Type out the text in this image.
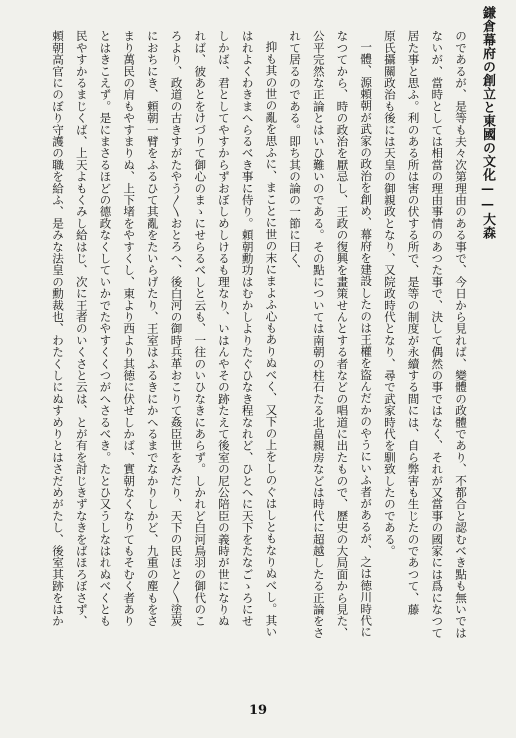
鎌倉幕府の創立と東國の文化——大森
のであるが、是等も夫々次第理由のある事で、今日から見れば、變體の政體であり、不都合と認むべき點も無いでは
ないが、當時としては相當の理由事情のあつた事で、決して偶然の事ではなく、それが又當事の國家には爲になつて
居た事と思ふ。利のある所は害の伏する所で、是等の制度が永續する間には、自ら弊害も生じたのであつて、藤
原氏攝關政治も後には天皇の御親政となり、又院政時代となり、尋で武家時代を馴致したのである。
一體、源頼朝が武家の政治を創め、幕府を建設したのは王權を盜んだかのやうにいふ者があるが、之は徳川時代に
なつてから、時の政治を厭忌し、王政の復興を畫策せんとする者などの唱道に出たもので、歷史の大局面から見た、
公平完然な正論とはいひ難いのである。その點については南朝の柱石たる北畠親房などは時代に超越したる正論をさ
れて居るのである。即ち其の論の一節に曰く、
抑も其の世の亂を思ふに、まことに世の末にまよふ心もありぬべく、又下の上をしのぐはしともなりぬべし。其い
はれよくわきまへらるべき事に侍り。頼朝勳功はむかしよりたぐひなき程なれど、ひとへに天下をたなごゝろにせ
しかば、君としてやすからずおぼしめしけるも理なり、いはんやその跡たえて後室の尼公陪臣の義時が世になりぬ
れば、彼あとをけづりて御心のまゝにせらるべしと云も、一往のいひなきにあらず。しかれど白河鳥羽の御代のこ
ろより、政道の古きすがたやう〳〵おとろへ、後白河の御時兵革おこりて姦臣世をみだり、天下の民ほと〳〵塗炭
におちにき、頼朝一臂をふるひて其亂をたいらげたり、王室はふるきにかへるまでなかりしかど、九重の塵もをさ
まり萬民の肩もやすまりぬ、上下堵をやすくし、東より西より其徳に伏せしかば、實朝なくなりてもそむく者あり
とはきこえず。是にまさるほどの德政なくしていかでたやすくくつがへさるべき。たとひ又うしなはれぬべくとも
民やすかるまじくば、上天よもくみし給はじ、次に王者のいくさと云は、とが有を討じきずなきをばほろぼさず、
頼朝高官にのぼり守護の職を給ふ、是みな法皇の勳裁也、わたくしにぬすめりとはさだめがたし、後室其跡をはか
19
